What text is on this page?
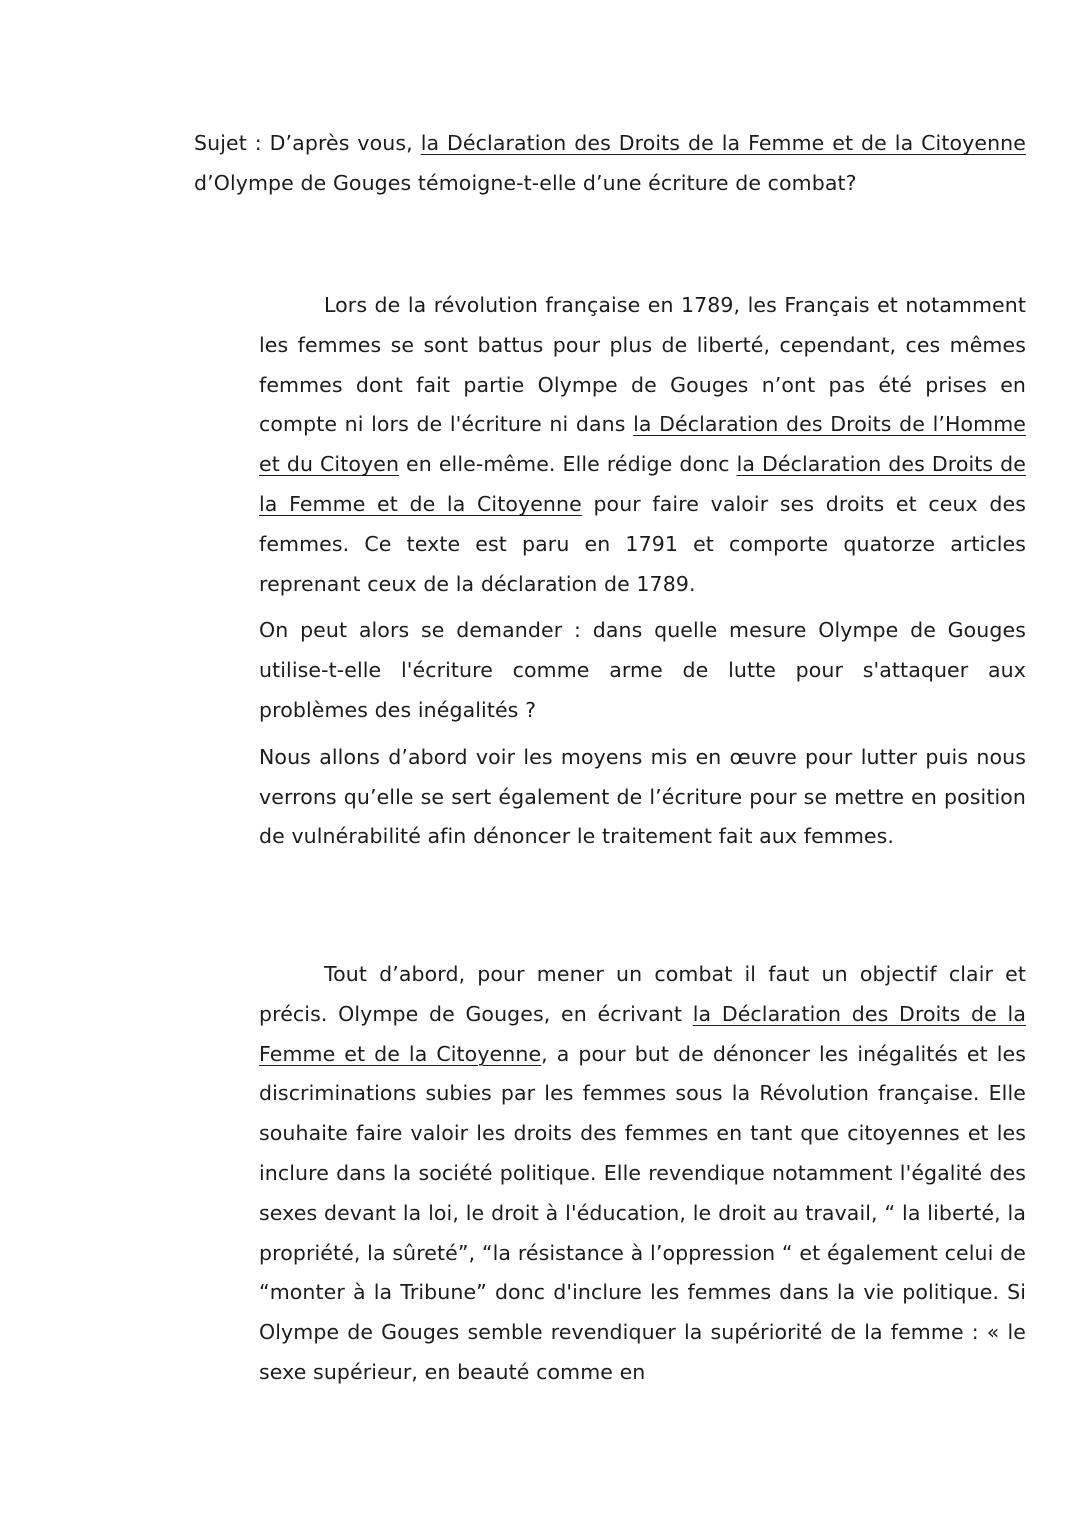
Sujet : D’après vous, la Déclaration des Droits de la Femme et de la Citoyenne d’Olympe de Gouges témoigne-t-elle d’une écriture de combat?

Lors de la révolution française en 1789, les Français et notamment les femmes se sont battus pour plus de liberté, cependant, ces mêmes femmes dont fait partie Olympe de Gouges n’ont pas été prises en compte ni lors de l'écriture ni dans la Déclaration des Droits de l’Homme et du Citoyen en elle-même. Elle rédige donc la Déclaration des Droits de la Femme et de la Citoyenne pour faire valoir ses droits et ceux des femmes. Ce texte est paru en 1791 et comporte quatorze articles reprenant ceux de la déclaration de 1789.

On peut alors se demander : dans quelle mesure Olympe de Gouges utilise-t-elle l'écriture comme arme de lutte pour s'attaquer aux problèmes des inégalités ?

Nous allons d’abord voir les moyens mis en œuvre pour lutter puis nous verrons qu’elle se sert également de l’écriture pour se mettre en position de vulnérabilité afin dénoncer le traitement fait aux femmes.

Tout d’abord, pour mener un combat il faut un objectif clair et précis. Olympe de Gouges, en écrivant la Déclaration des Droits de la Femme et de la Citoyenne, a pour but de dénoncer les inégalités et les discriminations subies par les femmes sous la Révolution française. Elle souhaite faire valoir les droits des femmes en tant que citoyennes et les inclure dans la société politique. Elle revendique notamment l'égalité des sexes devant la loi, le droit à l'éducation, le droit au travail, “ la liberté, la propriété, la sûreté”, “la résistance à l’oppression “ et également celui de “monter à la Tribune” donc d'inclure les femmes dans la vie politique. Si Olympe de Gouges semble revendiquer la supériorité de la femme : « le sexe supérieur, en beauté comme en
